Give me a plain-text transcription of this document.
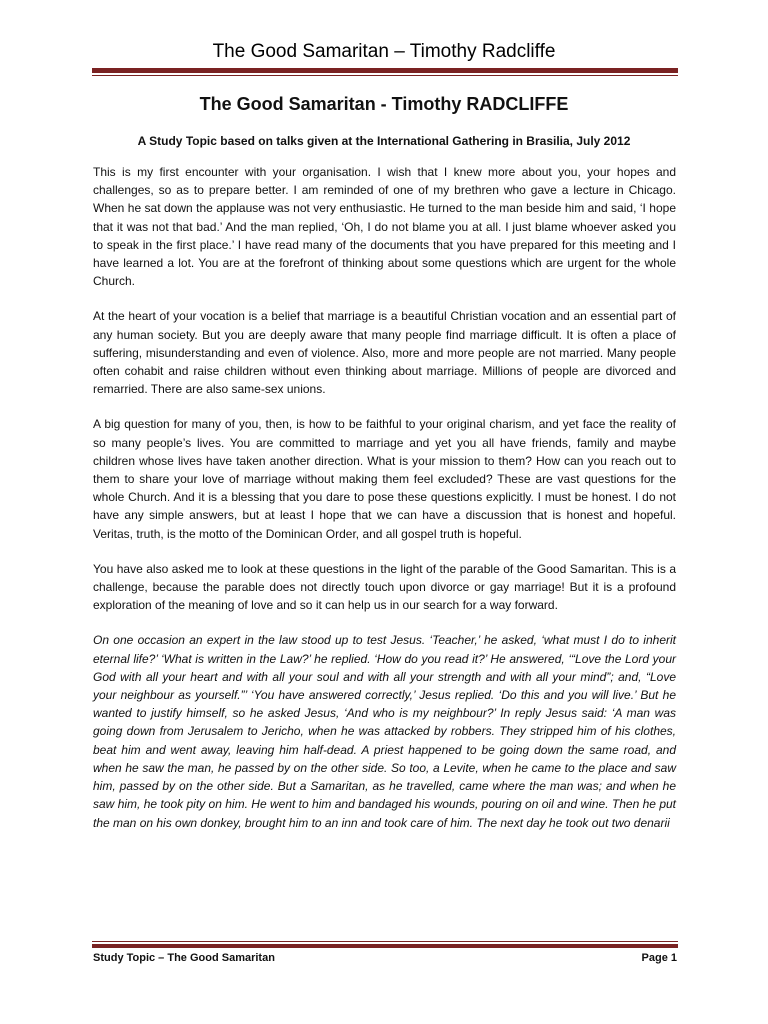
The Good Samaritan – Timothy Radcliffe
The Good Samaritan - Timothy RADCLIFFE
A Study Topic based on talks given at the International Gathering in Brasilia, July 2012

This is my first encounter with your organisation. I wish that I knew more about you, your hopes and challenges, so as to prepare better. I am reminded of one of my brethren who gave a lecture in Chicago. When he sat down the applause was not very enthusiastic. He turned to the man beside him and said, ‘I hope that it was not that bad.’ And the man replied, ‘Oh, I do not blame you at all. I just blame whoever asked you to speak in the first place.’ I have read many of the documents that you have prepared for this meeting and I have learned a lot. You are at the forefront of thinking about some questions which are urgent for the whole Church.

At the heart of your vocation is a belief that marriage is a beautiful Christian vocation and an essential part of any human society. But you are deeply aware that many people find marriage difficult. It is often a place of suffering, misunderstanding and even of violence. Also, more and more people are not married. Many people often cohabit and raise children without even thinking about marriage. Millions of people are divorced and remarried. There are also same-sex unions.

A big question for many of you, then, is how to be faithful to your original charism, and yet face the reality of so many people’s lives. You are committed to marriage and yet you all have friends, family and maybe children whose lives have taken another direction. What is your mission to them? How can you reach out to them to share your love of marriage without making them feel excluded? These are vast questions for the whole Church. And it is a blessing that you dare to pose these questions explicitly. I must be honest. I do not have any simple answers, but at least I hope that we can have a discussion that is honest and hopeful. Veritas, truth, is the motto of the Dominican Order, and all gospel truth is hopeful.

You have also asked me to look at these questions in the light of the parable of the Good Samaritan. This is a challenge, because the parable does not directly touch upon divorce or gay marriage! But it is a profound exploration of the meaning of love and so it can help us in our search for a way forward.

On one occasion an expert in the law stood up to test Jesus. ‘Teacher,’ he asked, ‘what must I do to inherit eternal life?’ ‘What is written in the Law?’ he replied. ‘How do you read it?’ He answered, ‘“Love the Lord your God with all your heart and with all your soul and with all your strength and with all your mind”; and, “Love your neighbour as yourself.”’ ‘You have answered correctly,’ Jesus replied. ‘Do this and you will live.’ But he wanted to justify himself, so he asked Jesus, ‘And who is my neighbour?’ In reply Jesus said: ‘A man was going down from Jerusalem to Jericho, when he was attacked by robbers. They stripped him of his clothes, beat him and went away, leaving him half-dead. A priest happened to be going down the same road, and when he saw the man, he passed by on the other side. So too, a Levite, when he came to the place and saw him, passed by on the other side. But a Samaritan, as he travelled, came where the man was; and when he saw him, he took pity on him. He went to him and bandaged his wounds, pouring on oil and wine. Then he put the man on his own donkey, brought him to an inn and took care of him. The next day he took out two denarii

Study Topic – The Good Samaritan	Page 1
